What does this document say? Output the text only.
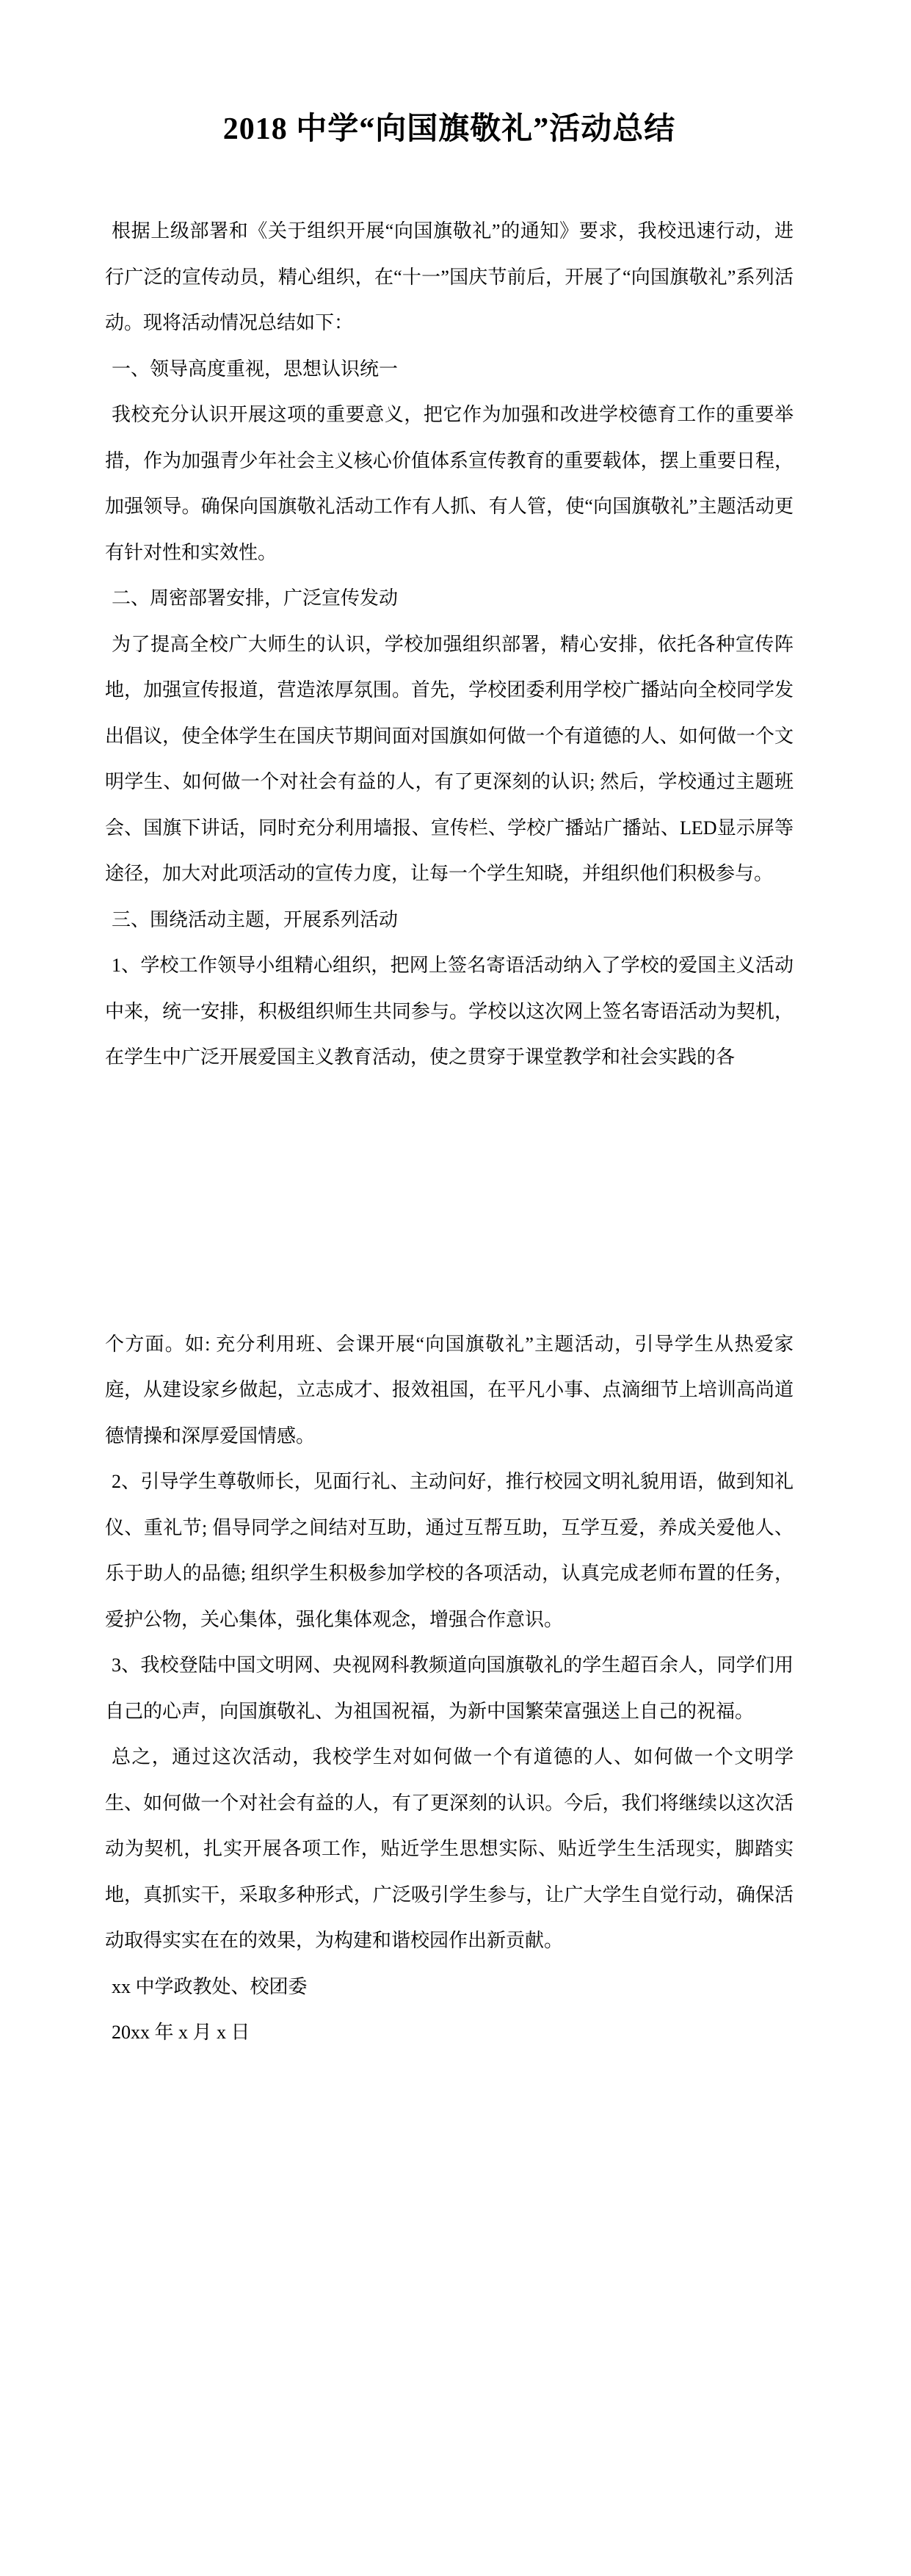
2018 中学“向国旗敬礼”活动总结

根据上级部署和《关于组织开展“向国旗敬礼”的通知》要求，我校迅速行动，进行广泛的宣传动员，精心组织，在“十一”国庆节前后，开展了“向国旗敬礼”系列活动。现将活动情况总结如下：

一、领导高度重视，思想认识统一

我校充分认识开展这项的重要意义，把它作为加强和改进学校德育工作的重要举措，作为加强青少年社会主义核心价值体系宣传教育的重要载体，摆上重要日程，加强领导。确保向国旗敬礼活动工作有人抓、有人管，使“向国旗敬礼”主题活动更有针对性和实效性。

二、周密部署安排，广泛宣传发动

为了提高全校广大师生的认识，学校加强组织部署，精心安排，依托各种宣传阵地，加强宣传报道，营造浓厚氛围。首先，学校团委利用学校广播站向全校同学发出倡议，使全体学生在国庆节期间面对国旗如何做一个有道德的人、如何做一个文明学生、如何做一个对社会有益的人，有了更深刻的认识; 然后，学校通过主题班会、国旗下讲话，同时充分利用墙报、宣传栏、学校广播站广播站、LED显示屏等途径，加大对此项活动的宣传力度，让每一个学生知晓，并组织他们积极参与。

三、围绕活动主题，开展系列活动

1、学校工作领导小组精心组织，把网上签名寄语活动纳入了学校的爱国主义活动中来，统一安排，积极组织师生共同参与。学校以这次网上签名寄语活动为契机，在学生中广泛开展爱国主义教育活动，使之贯穿于课堂教学和社会实践的各

个方面。如: 充分利用班、会课开展“向国旗敬礼”主题活动，引导学生从热爱家庭，从建设家乡做起，立志成才、报效祖国，在平凡小事、点滴细节上培训高尚道德情操和深厚爱国情感。

2、引导学生尊敬师长，见面行礼、主动问好，推行校园文明礼貌用语，做到知礼仪、重礼节; 倡导同学之间结对互助，通过互帮互助，互学互爱，养成关爱他人、乐于助人的品德; 组织学生积极参加学校的各项活动，认真完成老师布置的任务，爱护公物，关心集体，强化集体观念，增强合作意识。

3、我校登陆中国文明网、央视网科教频道向国旗敬礼的学生超百余人，同学们用自己的心声，向国旗敬礼、为祖国祝福，为新中国繁荣富强送上自己的祝福。

总之，通过这次活动，我校学生对如何做一个有道德的人、如何做一个文明学生、如何做一个对社会有益的人，有了更深刻的认识。今后，我们将继续以这次活动为契机，扎实开展各项工作，贴近学生思想实际、贴近学生生活现实，脚踏实地，真抓实干，采取多种形式，广泛吸引学生参与，让广大学生自觉行动，确保活动取得实实在在的效果，为构建和谐校园作出新贡献。

xx 中学政教处、校团委

20xx 年 x 月 x 日
